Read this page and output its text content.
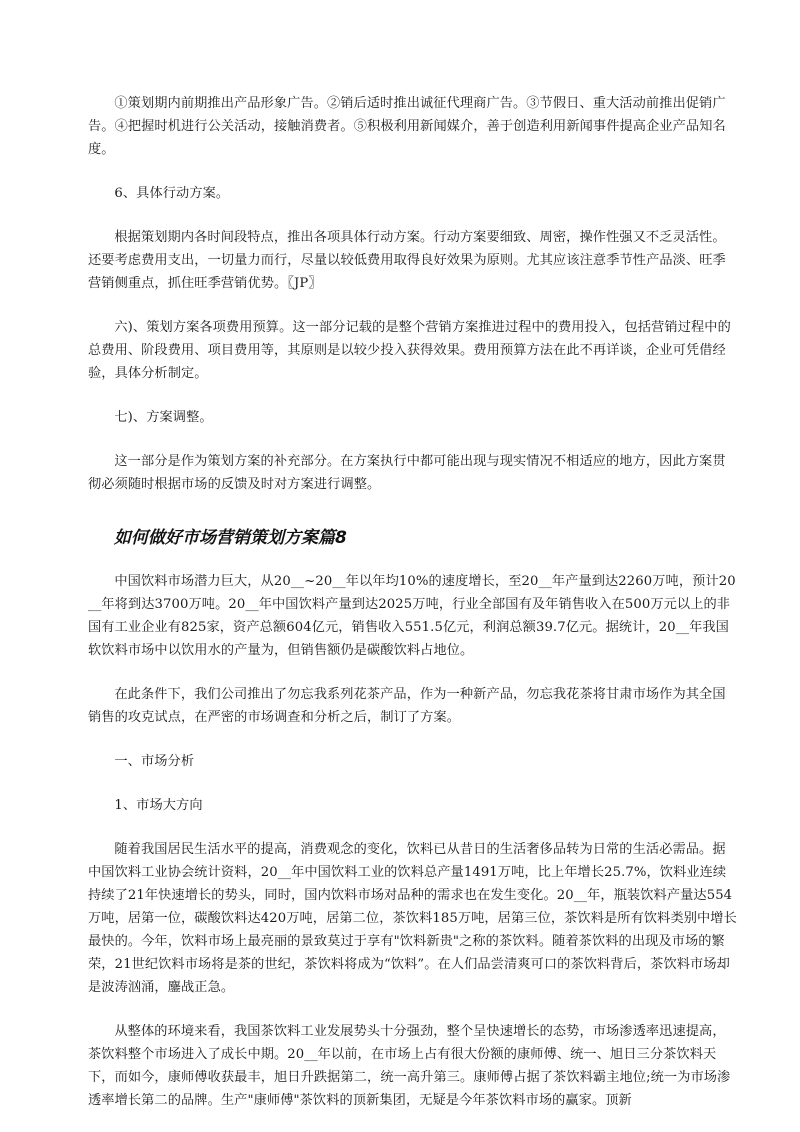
①策划期内前期推出产品形象广告。②销后适时推出诚征代理商广告。③节假日、重大活动前推出促销广告。④把握时机进行公关活动，接触消费者。⑤积极利用新闻媒介，善于创造利用新闻事件提高企业产品知名度。

6、具体行动方案。

根据策划期内各时间段特点，推出各项具体行动方案。行动方案要细致、周密，操作性强又不乏灵活性。还要考虑费用支出，一切量力而行，尽量以较低费用取得良好效果为原则。尤其应该注意季节性产品淡、旺季营销侧重点，抓住旺季营销优势。〖JP〗

六)、策划方案各项费用预算。这一部分记载的是整个营销方案推进过程中的费用投入，包括营销过程中的总费用、阶段费用、项目费用等，其原则是以较少投入获得效果。费用预算方法在此不再详谈，企业可凭借经验，具体分析制定。

七)、方案调整。

这一部分是作为策划方案的补充部分。在方案执行中都可能出现与现实情况不相适应的地方，因此方案贯彻必须随时根据市场的反馈及时对方案进行调整。

如何做好市场营销策划方案篇8

中国饮料市场潜力巨大，从20__~20__年以年均10%的速度增长，至20__年产量到达2260万吨，预计20__年将到达3700万吨。20__年中国饮料产量到达2025万吨，行业全部国有及年销售收入在500万元以上的非国有工业企业有825家，资产总额604亿元，销售收入551.5亿元，利润总额39.7亿元。据统计，20__年我国软饮料市场中以饮用水的产量为，但销售额仍是碳酸饮料占地位。

在此条件下，我们公司推出了勿忘我系列花茶产品，作为一种新产品，勿忘我花茶将甘肃市场作为其全国销售的攻克试点，在严密的市场调查和分析之后，制订了方案。

一、市场分析

1、市场大方向

随着我国居民生活水平的提高，消费观念的变化，饮料已从昔日的生活奢侈品转为日常的生活必需品。据中国饮料工业协会统计资料，20__年中国饮料工业的饮料总产量1491万吨，比上年增长25.7%，饮料业连续持续了21年快速增长的势头，同时，国内饮料市场对品种的需求也在发生变化。20__年，瓶装饮料产量达554万吨，居第一位，碳酸饮料达420万吨，居第二位，茶饮料185万吨，居第三位，茶饮料是所有饮料类别中增长最快的。今年，饮料市场上最亮丽的景致莫过于享有"饮料新贵"之称的茶饮料。随着茶饮料的出现及市场的繁荣，21世纪饮料市场将是茶的世纪，茶饮料将成为“饮料”。在人们品尝清爽可口的茶饮料背后，茶饮料市场却是波涛汹涌，鏖战正急。

从整体的环境来看，我国茶饮料工业发展势头十分强劲，整个呈快速增长的态势，市场渗透率迅速提高，茶饮料整个市场进入了成长中期。20__年以前，在市场上占有很大份额的康师傅、统一、旭日三分茶饮料天下，而如今，康师傅收获最丰，旭日升跌据第二，统一高升第三。康师傅占据了茶饮料霸主地位;统一为市场渗透率增长第二的品牌。生产"康师傅"茶饮料的顶新集团，无疑是今年茶饮料市场的赢家。顶新
